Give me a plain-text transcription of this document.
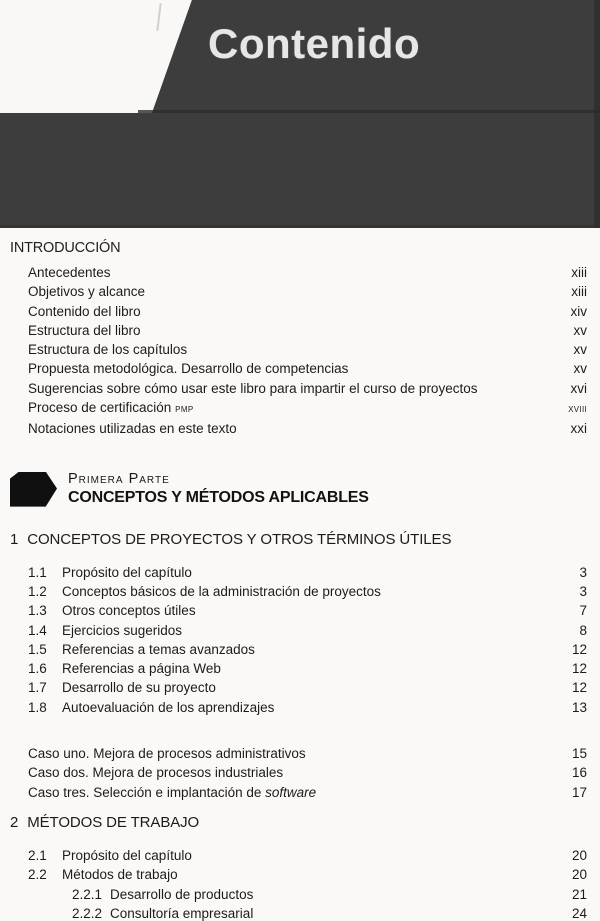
Contenido
INTRODUCCIÓN
Antecedentes	xiii
Objetivos y alcance	xiii
Contenido del libro	xiv
Estructura del libro	xv
Estructura de los capítulos	xv
Propuesta metodológica. Desarrollo de competencias	xv
Sugerencias sobre cómo usar este libro para impartir el curso de proyectos	xvi
Proceso de certificación pmp	xviii
Notaciones utilizadas en este texto	xxi
Primera Parte
CONCEPTOS Y MÉTODOS APLICABLES
1 CONCEPTOS DE PROYECTOS Y OTROS TÉRMINOS ÚTILES
1.1	Propósito del capítulo	3
1.2	Conceptos básicos de la administración de proyectos	3
1.3	Otros conceptos útiles	7
1.4	Ejercicios sugeridos	8
1.5	Referencias a temas avanzados	12
1.6	Referencias a página Web	12
1.7	Desarrollo de su proyecto	12
1.8	Autoevaluación de los aprendizajes	13
Caso uno. Mejora de procesos administrativos	15
Caso dos. Mejora de procesos industriales	16
Caso tres. Selección e implantación de software	17
2 MÉTODOS DE TRABAJO
2.1	Propósito del capítulo	20
2.2	Métodos de trabajo	20
2.2.1 Desarrollo de productos	21
2.2.2 Consultoría empresarial	24
